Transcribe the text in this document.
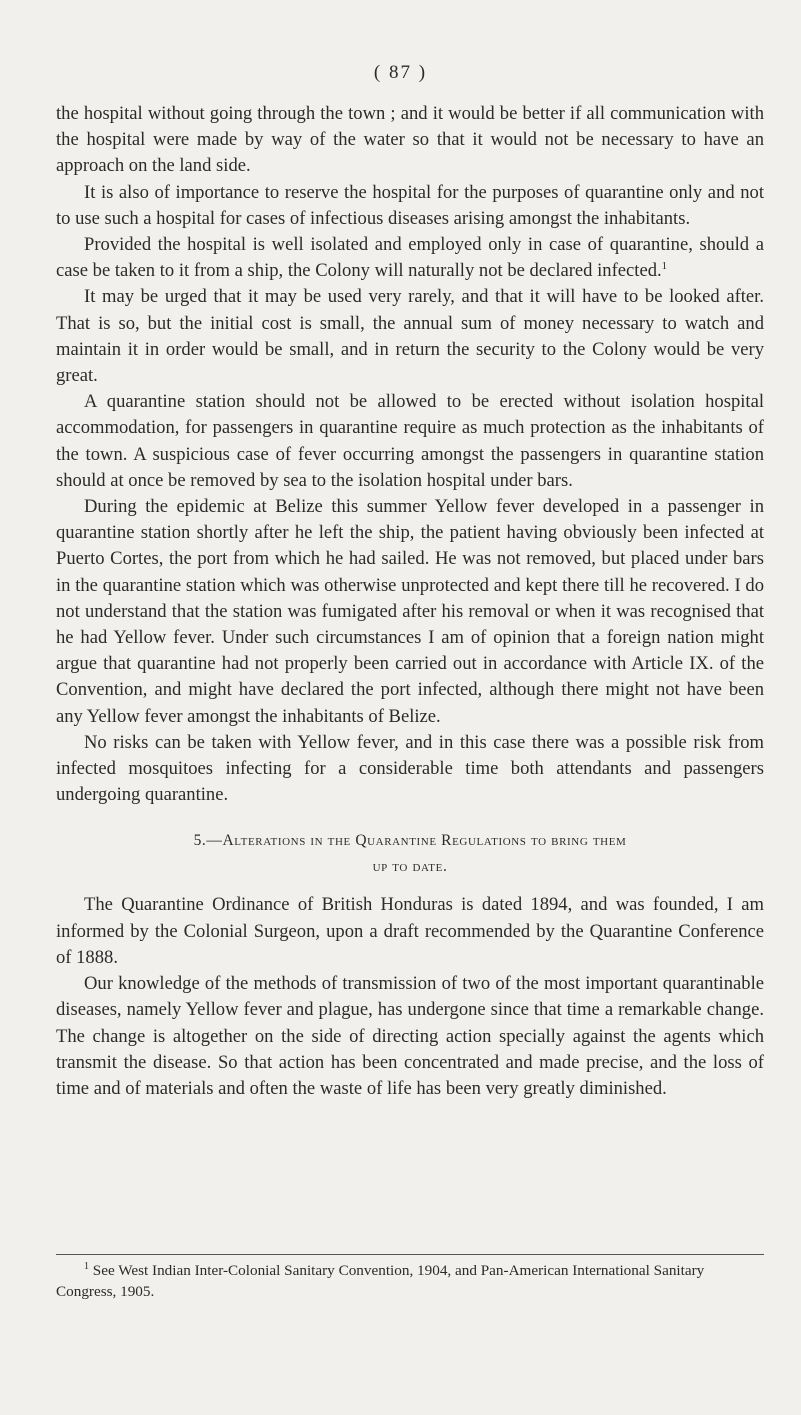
( 87 )

the hospital without going through the town ; and it would be better if all communication with the hospital were made by way of the water so that it would not be necessary to have an approach on the land side.

It is also of importance to reserve the hospital for the purposes of quarantine only and not to use such a hospital for cases of infectious diseases arising amongst the inhabitants.

Provided the hospital is well isolated and employed only in case of quarantine, should a case be taken to it from a ship, the Colony will naturally not be declared infected.$^1$

It may be urged that it may be used very rarely, and that it will have to be looked after. That is so, but the initial cost is small, the annual sum of money necessary to watch and maintain it in order would be small, and in return the security to the Colony would be very great.

A quarantine station should not be allowed to be erected without isolation hospital accommodation, for passengers in quarantine require as much protection as the inhabitants of the town. A suspicious case of fever occurring amongst the passengers in quarantine station should at once be removed by sea to the isolation hospital under bars.

During the epidemic at Belize this summer Yellow fever developed in a passenger in quarantine station shortly after he left the ship, the patient having obviously been infected at Puerto Cortes, the port from which he had sailed. He was not removed, but placed under bars in the quarantine station which was otherwise unprotected and kept there till he recovered. I do not understand that the station was fumigated after his removal or when it was recognised that he had Yellow fever. Under such circumstances I am of opinion that a foreign nation might argue that quarantine had not properly been carried out in accordance with Article IX. of the Convention, and might have declared the port infected, although there might not have been any Yellow fever amongst the inhabitants of Belize.

No risks can be taken with Yellow fever, and in this case there was a possible risk from infected mosquitoes infecting for a considerable time both attendants and passengers undergoing quarantine.

5.—Alterations in the Quarantine Regulations to bring them
up to date.

The Quarantine Ordinance of British Honduras is dated 1894, and was founded, I am informed by the Colonial Surgeon, upon a draft recommended by the Quarantine Conference of 1888.

Our knowledge of the methods of transmission of two of the most important quarantinable diseases, namely Yellow fever and plague, has undergone since that time a remarkable change. The change is altogether on the side of directing action specially against the agents which transmit the disease. So that action has been concentrated and made precise, and the loss of time and of materials and often the waste of life has been very greatly diminished.

$^1$ See West Indian Inter-Colonial Sanitary Convention, 1904, and Pan-American International Sanitary Congress, 1905.
